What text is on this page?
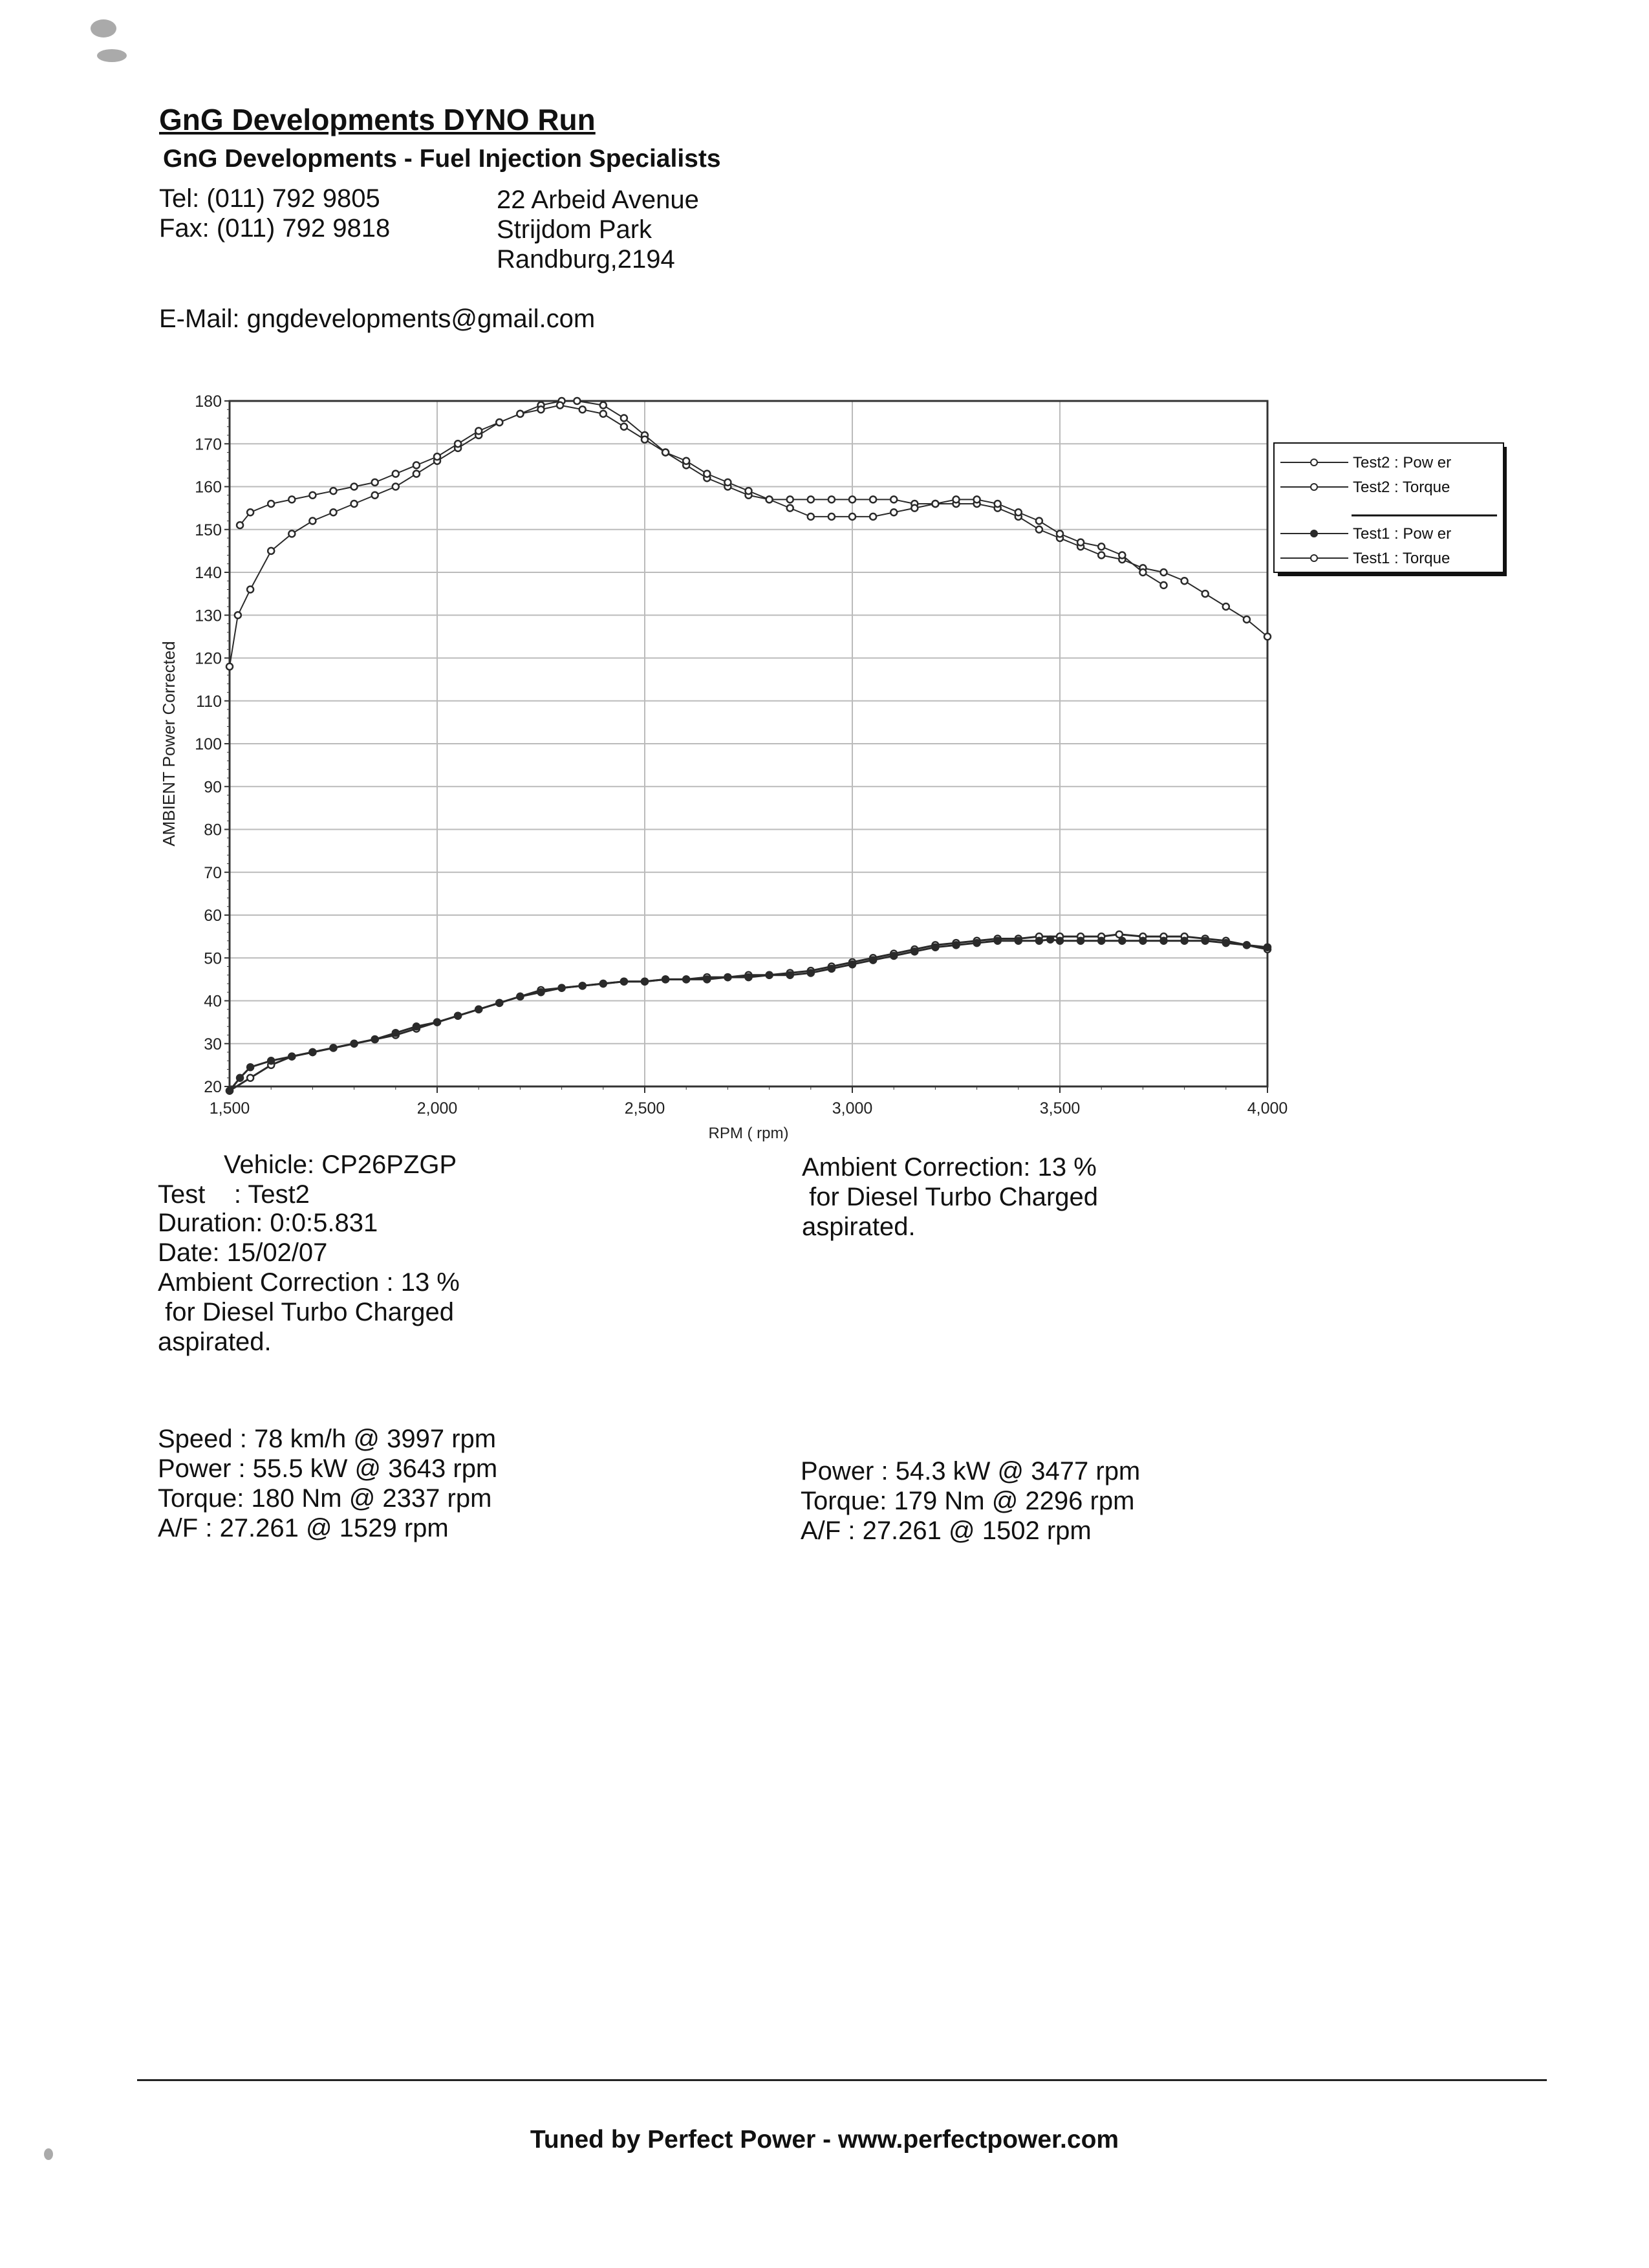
GnG Developments DYNO Run
GnG Developments - Fuel Injection Specialists
Tel: (011) 792 9805
Fax: (011) 792 9818
22 Arbeid Avenue
Strijdom Park
Randburg,2194
E-Mail: gngdevelopments@gmail.com
20
30
40
50
60
70
80
90
100
110
120
130
140
150
160
170
180
1,500	2,000	2,500	3,000	3,500	4,000
RPM ( rpm)
AMBIENT Power Corrected
Test2 : Pow er
Test2 : Torque
Test1 : Pow er
Test1 : Torque
Vehicle: CP26PZGP
Test    : Test2
Duration: 0:0:5.831
Date: 15/02/07
Ambient Correction : 13 %
for Diesel Turbo Charged
aspirated.
Speed : 78 km/h @ 3997 rpm
Power : 55.5 kW @ 3643 rpm
Torque: 180 Nm @ 2337 rpm
A/F : 27.261 @ 1529 rpm
Ambient Correction: 13 %
for Diesel Turbo Charged
aspirated.
Power : 54.3 kW @ 3477 rpm
Torque: 179 Nm @ 2296 rpm
A/F : 27.261 @ 1502 rpm
Tuned by Perfect Power - www.perfectpower.com
